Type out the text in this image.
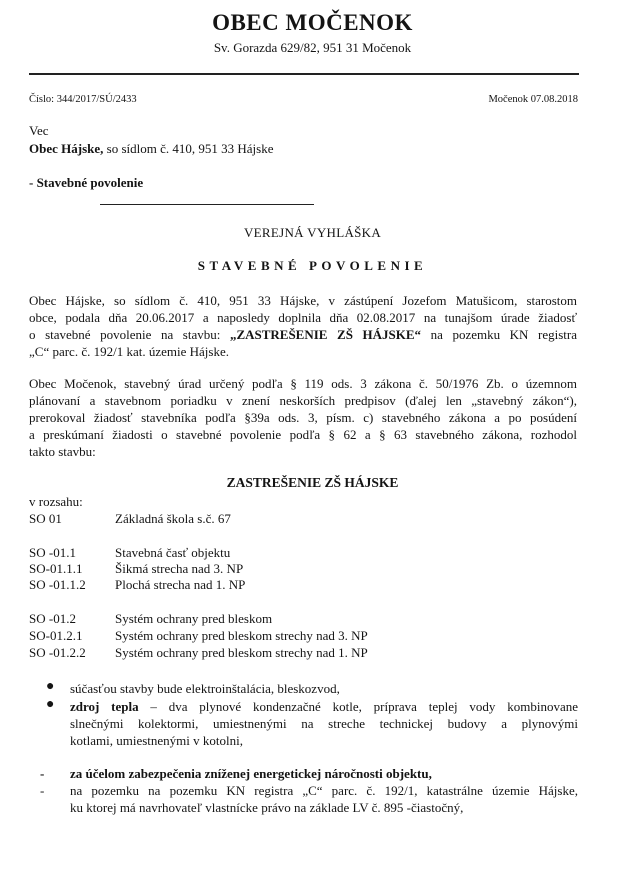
OBEC MOČENOK
Sv. Gorazda 629/82, 951 31 Močenok
Číslo: 344/2017/SÚ/2433	Močenok 07.08.2018
Vec
Obec Hájske, so sídlom č. 410, 951 33 Hájske
- Stavebné povolenie
VEREJNÁ VYHLÁŠKA
STAVEBNÉ POVOLENIE
Obec Hájske, so sídlom č. 410, 951 33 Hájske, v zástúpení Jozefom Matušicom, starostom
obce, podala dňa 20.06.2017 a naposledy doplnila dňa 02.08.2017 na tunajšom úrade žiadosť
o stavebné povolenie na stavbu: „ZASTREŠENIE ZŠ HÁJSKE“ na pozemku KN registra
„C“ parc. č. 192/1 kat. územie Hájske.
Obec Močenok, stavebný úrad určený podľa § 119 ods. 3 zákona č. 50/1976 Zb. o územnom
plánovaní a stavebnom poriadku v znení neskorších predpisov (ďalej len „stavebný zákon“),
prerokoval žiadosť stavebníka podľa §39a ods. 3, písm. c) stavebného zákona a po posúdení
a preskúmaní žiadosti o stavebné povolenie podľa § 62 a § 63 stavebného zákona, rozhodol
takto stavbu:
ZASTREŠENIE ZŠ HÁJSKE
v rozsahu:
SO 01	Základná škola s.č. 67
SO -01.1	Stavebná časť objektu
SO-01.1.1	Šikmá strecha nad 3. NP
SO -01.1.2 Plochá strecha nad 1. NP
SO -01.2	Systém ochrany pred bleskom
SO-01.2.1	Systém ochrany pred bleskom strechy nad 3. NP
SO -01.2.2 Systém ochrany pred bleskom strechy nad 1. NP
● súčasťou stavby bude elektroinštalácia, bleskozvod,
● zdroj tepla – dva plynové kondenzačné kotle, príprava teplej vody kombinovane
slnečnými kolektormi, umiestnenými na streche technickej budovy a plynovými
kotlami, umiestnenými v kotolni,
- za účelom zabezpečenia zníženej energetickej náročnosti objektu,
- na pozemku na pozemku KN registra „C“ parc. č. 192/1, katastrálne územie Hájske,
ku ktorej má navrhovateľ vlastnícke právo na základe LV č. 895 -čiastočný,
